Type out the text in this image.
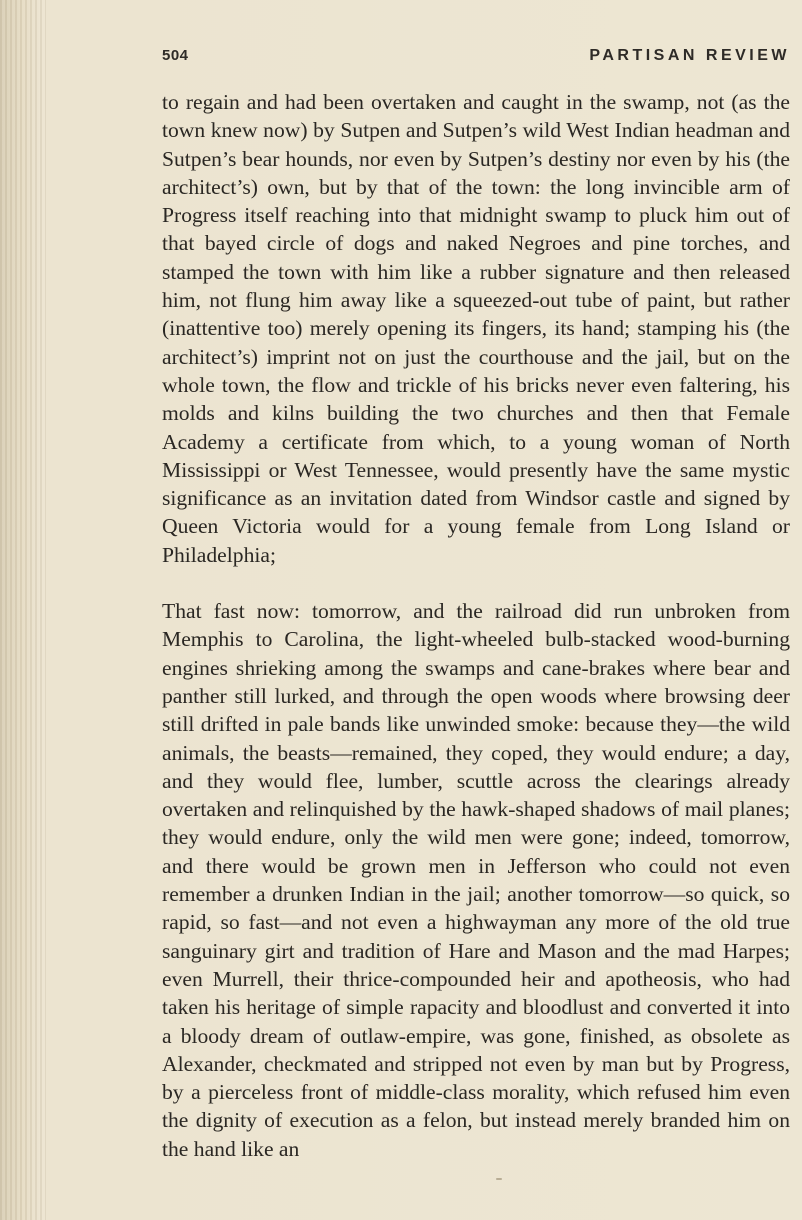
504	PARTISAN REVIEW

to regain and had been overtaken and caught in the swamp, not (as the town knew now) by Sutpen and Sutpen’s wild West Indian headman and Sutpen’s bear hounds, nor even by Sutpen’s destiny nor even by his (the architect’s) own, but by that of the town: the long invincible arm of Progress itself reaching into that midnight swamp to pluck him out of that bayed circle of dogs and naked Negroes and pine torches, and stamped the town with him like a rubber signature and then released him, not flung him away like a squeezed-out tube of paint, but rather (inattentive too) merely opening its fingers, its hand; stamping his (the architect’s) imprint not on just the courthouse and the jail, but on the whole town, the flow and trickle of his bricks never even faltering, his molds and kilns building the two churches and then that Female Academy a certificate from which, to a young woman of North Mississippi or West Tennessee, would presently have the same mystic significance as an invitation dated from Windsor castle and signed by Queen Victoria would for a young female from Long Island or Philadelphia;

That fast now: tomorrow, and the railroad did run unbroken from Memphis to Carolina, the light-wheeled bulb-stacked wood-burning engines shrieking among the swamps and cane-brakes where bear and panther still lurked, and through the open woods where browsing deer still drifted in pale bands like unwinded smoke: because they—the wild animals, the beasts—remained, they coped, they would endure; a day, and they would flee, lumber, scuttle across the clearings already overtaken and relinquished by the hawk-shaped shadows of mail planes; they would endure, only the wild men were gone; indeed, tomorrow, and there would be grown men in Jefferson who could not even remember a drunken Indian in the jail; another tomorrow—so quick, so rapid, so fast—and not even a highwayman any more of the old true sanguinary girt and tradition of Hare and Mason and the mad Harpes; even Murrell, their thrice-compounded heir and apotheosis, who had taken his heritage of simple rapacity and bloodlust and converted it into a bloody dream of outlaw-empire, was gone, finished, as obsolete as Alexander, checkmated and stripped not even by man but by Progress, by a pierceless front of middle-class morality, which refused him even the dignity of execution as a felon, but instead merely branded him on the hand like an
